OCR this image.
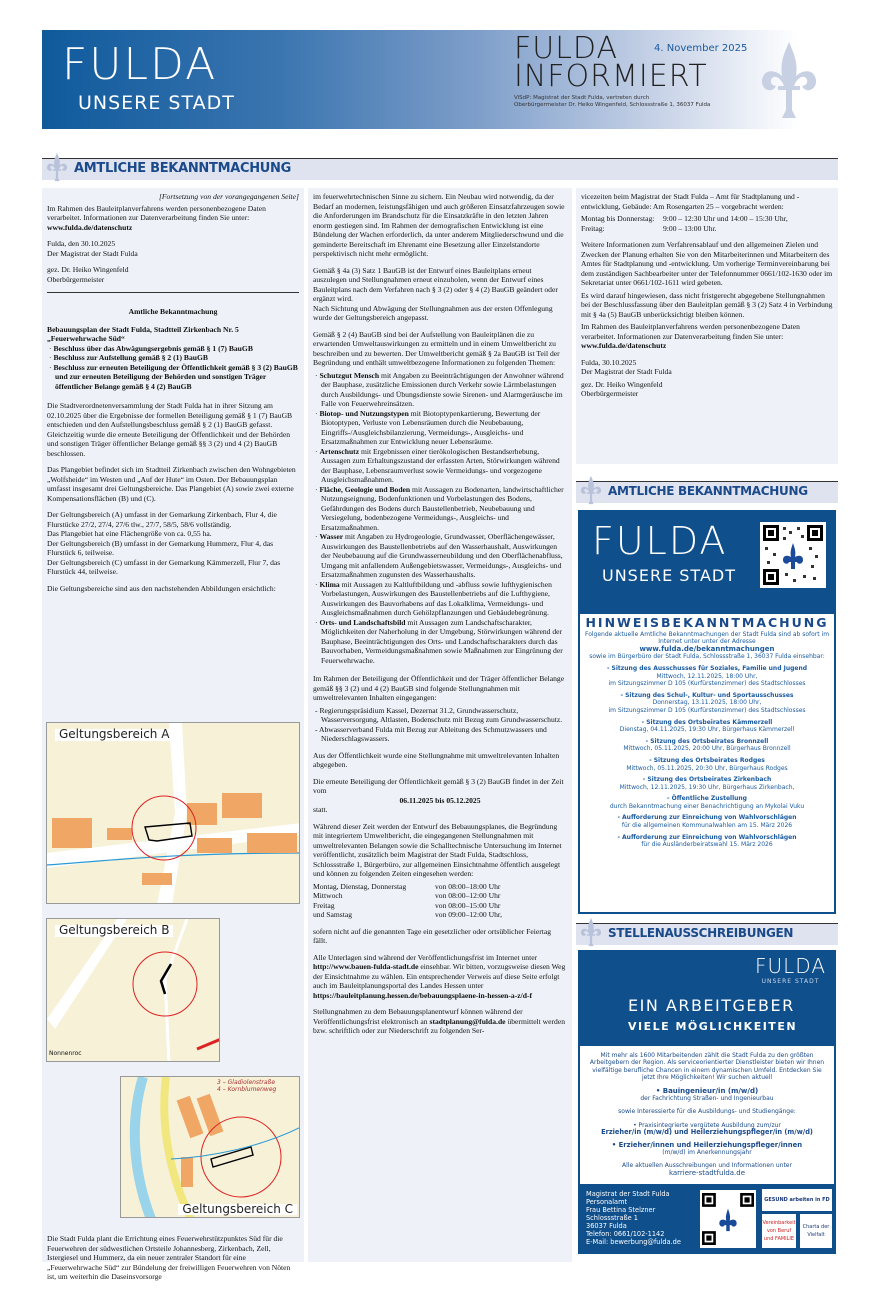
FULDA
UNSERE STADT
FULDA	4. November 2025
INFORMIERT
ViSdP: Magistrat der Stadt Fulda, vertreten durch
Oberbürgermeister Dr. Heiko Wingenfeld, Schlossstraße 1, 36037 Fulda
AMTLICHE BEKANNTMACHUNG

[Fortsetzung von der vorangegangenen Seite]

Im Rahmen des Bauleitplanverfahrens werden personenbezogene Daten verarbeitet. Informationen zur Datenverarbeitung finden Sie unter: www.fulda.de/datenschutz

Fulda, den 30.10.2025
Der Magistrat der Stadt Fulda

gez. Dr. Heiko Wingenfeld
Oberbürgermeister

Amtliche Bekanntmachung

Bebauungsplan der Stadt Fulda, Stadtteil Zirkenbach Nr. 5 „Feuerwehrwache Süd“

· Beschluss über das Abwägungsergebnis gemäß § 1 (7) BauGB
· Beschluss zur Aufstellung gemäß § 2 (1) BauGB
· Beschluss zur erneuten Beteiligung der Öffentlichkeit gemäß § 3 (2) BauGB und zur erneuten Beteiligung der Behörden und sonstigen Träger öffentlicher Belange gemäß § 4 (2) BauGB

Die Stadtverordnetenversammlung der Stadt Fulda hat in ihrer Sitzung am 02.10.2025 über die Ergebnisse der formellen Beteiligung gemäß § 1 (7) BauGB entschieden und den Aufstellungsbeschluss gemäß § 2 (1) BauGB gefasst. Gleichzeitig wurde die erneute Beteiligung der Öffentlichkeit und der Behörden und sonstigen Träger öffentlicher Belange gemäß §§ 3 (2) und 4 (2) BauGB beschlossen.

Das Plangebiet befindet sich im Stadtteil Zirkenbach zwischen den Wohngebieten „Wolfsheide“ im Westen und „Auf der Hute“ im Osten. Der Bebauungsplan umfasst insgesamt drei Geltungsbereiche. Das Plangebiet (A) sowie zwei externe Kompensationsflächen (B) und (C).

Der Geltungsbereich (A) umfasst in der Gemarkung Zirkenbach, Flur 4, die Flurstücke 27/2, 27/4, 27/6 tlw., 27/7, 58/5, 58/6 vollständig.
Das Plangebiet hat eine Flächengröße von ca. 0,55 ha.
Der Geltungsbereich (B) umfasst in der Gemarkung Hummerz, Flur 4, das Flurstück 6, teilweise.
Der Geltungsbereich (C) umfasst in der Gemarkung Kämmerzell, Flur 7, das Flurstück 44, teilweise.

Die Geltungsbereiche sind aus den nachstehenden Abbildungen ersichtlich:

Geltungsbereich A
Geltungsbereich B
Nonnenroc
3 – Gladiolenstraße
4 – Kornblumenweg
Geltungsbereich C

Die Stadt Fulda plant die Errichtung eines Feuerwehrstützpunktes Süd für die Feuerwehren der südwestlichen Ortsteile Johannesberg, Zirkenbach, Zell, Istergiesel und Hummerz, da ein neuer zentraler Standort für eine „Feuerwehrwache Süd“ zur Bündelung der freiwilligen Feuerwehren von Nöten ist, um weiterhin die Daseinsvorsorge

im feuerwehrtechnischen Sinne zu sichern. Ein Neubau wird notwendig, da der Bedarf an modernen, leistungsfähigen und auch größeren Einsatzfahrzeugen sowie die Anforderungen im Brandschutz für die Einsatzkräfte in den letzten Jahren enorm gestiegen sind. Im Rahmen der demografischen Entwicklung ist eine Bündelung der Wachen erforderlich, da unter anderem Mitgliederschwund und die geminderte Bereitschaft im Ehrenamt eine Besetzung aller Einzelstandorte perspektivisch nicht mehr ermöglicht.

Gemäß § 4a (3) Satz 1 BauGB ist der Entwurf eines Bauleitplans erneut auszulegen und Stellungnahmen erneut einzuholen, wenn der Entwurf eines Bauleitplans nach dem Verfahren nach § 3 (2) oder § 4 (2) BauGB geändert oder ergänzt wird.
Nach Sichtung und Abwägung der Stellungnahmen aus der ersten Offenlegung wurde der Geltungsbereich angepasst.

Gemäß § 2 (4) BauGB sind bei der Aufstellung von Bauleitplänen die zu erwartenden Umweltauswirkungen zu ermitteln und in einem Umweltbericht zu beschreiben und zu bewerten. Der Umweltbericht gemäß § 2a BauGB ist Teil der Begründung und enthält umweltbezogene Informationen zu folgenden Themen:

· Schutzgut Mensch mit Angaben zu Beeinträchtigungen der Anwohner während der Bauphase, zusätzliche Emissionen durch Verkehr sowie Lärmbelastungen durch Ausbildungs- und Übungsdienste sowie Sirenen- und Alarmgeräusche im Falle von Feuerwehreinsätzen.
· Biotop- und Nutzungstypen mit Biotoptypenkartierung, Bewertung der Biotoptypen, Verluste von Lebensräumen durch die Neubebauung, Eingriffs-/Ausgleichsbilanzierung, Vermeidungs-, Ausgleichs- und Ersatzmaßnahmen zur Entwicklung neuer Lebensräume.
· Artenschutz mit Ergebnissen einer tierökologischen Bestandserhebung, Aussagen zum Erhaltungszustand der erfassten Arten, Störwirkungen während der Bauphase, Lebensraumverlust sowie Vermeidungs- und vorgezogene Ausgleichsmaßnahmen.
· Fläche, Geologie und Boden mit Aussagen zu Bodenarten, landwirtschaftlicher Nutzungseignung, Bodenfunktionen und Vorbelastungen des Bodens, Gefährdungen des Bodens durch Baustellenbetrieb, Neubebauung und Versiegelung, bodenbezogene Vermeidungs-, Ausgleichs- und Ersatzmaßnahmen.
· Wasser mit Angaben zu Hydrogeologie, Grundwasser, Oberflächengewässer, Auswirkungen des Baustellenbetriebs auf den Wasserhaushalt, Auswirkungen der Neubebauung auf die Grundwasserneubildung und den Oberflächenabfluss, Umgang mit anfallendem Außengebietswasser, Vermeidungs-, Ausgleichs- und Ersatzmaßnahmen zugunsten des Wasserhaushalts.
· Klima mit Aussagen zu Kaltluftbildung und -abfluss sowie lufthygienischen Vorbelastungen, Auswirkungen des Baustellenbetriebs auf die Lufthygiene, Auswirkungen des Bauvorhabens auf das Lokalklima, Vermeidungs- und Ausgleichsmaßnahmen durch Gehölzpflanzungen und Gebäudebegrünung.
· Orts- und Landschaftsbild mit Aussagen zum Landschaftscharakter, Möglichkeiten der Naherholung in der Umgebung, Störwirkungen während der Bauphase, Beeinträchtigungen des Orts- und Landschaftscharakters durch das Bauvorhaben, Vermeidungsmaßnahmen sowie Maßnahmen zur Eingrünung der Feuerwehrwache.

Im Rahmen der Beteiligung der Öffentlichkeit und der Träger öffentlicher Belange gemäß §§ 3 (2) und 4 (2) BauGB sind folgende Stellungnahmen mit umweltrelevanten Inhalten eingegangen:

- Regierungspräsidium Kassel, Dezernat 31.2, Grundwasserschutz, Wasserversorgung, Altlasten, Bodenschutz mit Bezug zum Grundwasserschutz.
- Abwasserverband Fulda mit Bezug zur Ableitung des Schmutzwassers und Niederschlagswassers.

Aus der Öffentlichkeit wurde eine Stellungnahme mit umweltrelevanten Inhalten abgegeben.

Die erneute Beteiligung der Öffentlichkeit gemäß § 3 (2) BauGB findet in der Zeit vom

06.11.2025 bis 05.12.2025

statt.

Während dieser Zeit werden der Entwurf des Bebauungsplanes, die Begründung mit integriertem Umweltbericht, die eingegangenen Stellungnahmen mit umweltrelevanten Belangen sowie die Schalltechnische Untersuchung im Internet veröffentlicht, zusätzlich beim Magistrat der Stadt Fulda, Stadtschloss, Schlossstraße 1, Bürgerbüro, zur allgemeinen Einsichtnahme öffentlich ausgelegt und können zu folgenden Zeiten eingesehen werden:

Montag, Dienstag, Donnerstag	von 08:00–18:00 Uhr
Mittwoch	von 08:00–12:00 Uhr
Freitag	von 08:00–15:00 Uhr
und Samstag	von 09:00–12:00 Uhr,

sofern nicht auf die genannten Tage ein gesetzlicher oder ortsüblicher Feiertag fällt.

Alle Unterlagen sind während der Veröffentlichungsfrist im Internet unter http://www.bauen-fulda-stadt.de einsehbar. Wir bitten, vorzugsweise diesen Weg der Einsichtnahme zu wählen. Ein entsprechender Verweis auf diese Seite erfolgt auch im Bauleitplanungsportal des Landes Hessen unter https://bauleitplanung.hessen.de/bebauungsplaene-in-hessen-a-z/d-f

Stellungnahmen zu dem Bebauungsplanentwurf können während der Veröffentlichungsfrist elektronisch an stadtplanung@fulda.de übermittelt werden bzw. schriftlich oder zur Niederschrift zu folgenden Ser-

vicezeiten beim Magistrat der Stadt Fulda – Amt für Stadtplanung und -entwicklung, Gebäude: Am Rosengarten 25 – vorgebracht werden:

Montag bis Donnerstag:	9:00 – 12:30 Uhr und 14:00 – 15:30 Uhr,
Freitag:	9:00 – 13:00 Uhr.

Weitere Informationen zum Verfahrensablauf und den allgemeinen Zielen und Zwecken der Planung erhalten Sie von den Mitarbeiterinnen und Mitarbeitern des Amtes für Stadtplanung und -entwicklung. Um vorherige Terminvereinbarung bei dem zuständigen Sachbearbeiter unter der Telefonnummer 0661/102-1630 oder im Sekretariat unter 0661/102-1611 wird gebeten.

Es wird darauf hingewiesen, dass nicht fristgerecht abgegebene Stellungnahmen bei der Beschlussfassung über den Bauleitplan gemäß § 3 (2) Satz 4 in Verbindung mit § 4a (5) BauGB unberücksichtigt bleiben können.

Im Rahmen des Bauleitplanverfahrens werden personenbezogene Daten verarbeitet. Informationen zur Datenverarbeitung finden Sie unter: www.fulda.de/datenschutz

Fulda, 30.10.2025
Der Magistrat der Stadt Fulda

gez. Dr. Heiko Wingenfeld
Oberbürgermeister

AMTLICHE BEKANNTMACHUNG
FULDA
UNSERE STADT
HINWEISBEKANNTMACHUNG
Folgende aktuelle Amtliche Bekanntmachungen der Stadt Fulda sind ab sofort im Internet unter unter der Adresse
www.fulda.de/bekanntmachungen
sowie im Bürgerbüro der Stadt Fulda, Schlossstraße 1, 36037 Fulda einsehbar:
- Sitzung des Ausschusses für Soziales, Familie und Jugend
Mittwoch, 12.11.2025, 18:00 Uhr,
im Sitzungszimmer D 105 (Kurfürstenzimmer) des Stadtschlosses
- Sitzung des Schul-, Kultur- und Sportausschusses
Donnerstag, 13.11.2025, 18:00 Uhr,
im Sitzungszimmer D 105 (Kurfürstenzimmer) des Stadtschlosses
- Sitzung des Ortsbeirates Kämmerzell
Dienstag, 04.11.2025, 19:30 Uhr, Bürgerhaus Kämmerzell
- Sitzung des Ortsbeirates Bronnzell
Mittwoch, 05.11.2025, 20:00 Uhr, Bürgerhaus Bronnzell
- Sitzung des Ortsbeirates Rodges
Mittwoch, 05.11.2025, 20:30 Uhr, Bürgerhaus Rodges
- Sitzung des Ortsbeirates Zirkenbach
Mittwoch, 12.11.2025, 19:30 Uhr, Bürgerhaus Zirkenbach,
- Öffentliche Zustellung
durch Bekanntmachung einer Benachrichtigung an Mykolai Vuku
- Aufforderung zur Einreichung von Wahlvorschlägen
für die allgemeinen Kommunalwahlen am 15. März 2026
- Aufforderung zur Einreichung von Wahlvorschlägen
für die Ausländerbeiratswahl 15. März 2026
STELLENAUSSCHREIBUNGEN
FULDA
UNSERE STADT
EIN ARBEITGEBER
VIELE MÖGLICHKEITEN
Mit mehr als 1600 Mitarbeitenden zählt die Stadt Fulda zu den größten Arbeitgebern der Region. Als serviceorientierter Dienstleister bieten wir Ihnen vielfältige berufliche Chancen in einem dynamischen Umfeld. Entdecken Sie jetzt Ihre Möglichkeiten! Wir suchen aktuell
• Bauingenieur/in (m/w/d)
der Fachrichtung Straßen- und Ingenieurbau
sowie Interessierte für die Ausbildungs- und Studiengänge:
• Praxisintegrierte vergütete Ausbildung zum/zur
Erzieher/in (m/w/d) und Heilerziehungspfleger/in (m/w/d)
• Erzieher/innen und Heilerziehungspfleger/innen
(m/w/d) im Anerkennungsjahr
Alle aktuellen Ausschreibungen und Informationen unter
karriere-stadtfulda.de
Magistrat der Stadt Fulda
Personalamt
Frau Bettina Stelzner
Schlossstraße 1
36037 Fulda
Telefon: 0661/102-1142
E-Mail: bewerbung@fulda.de
GESUND arbeiten in FD
Vereinbarkeit von Beruf und FAMILIE
Charta der Vielfalt
